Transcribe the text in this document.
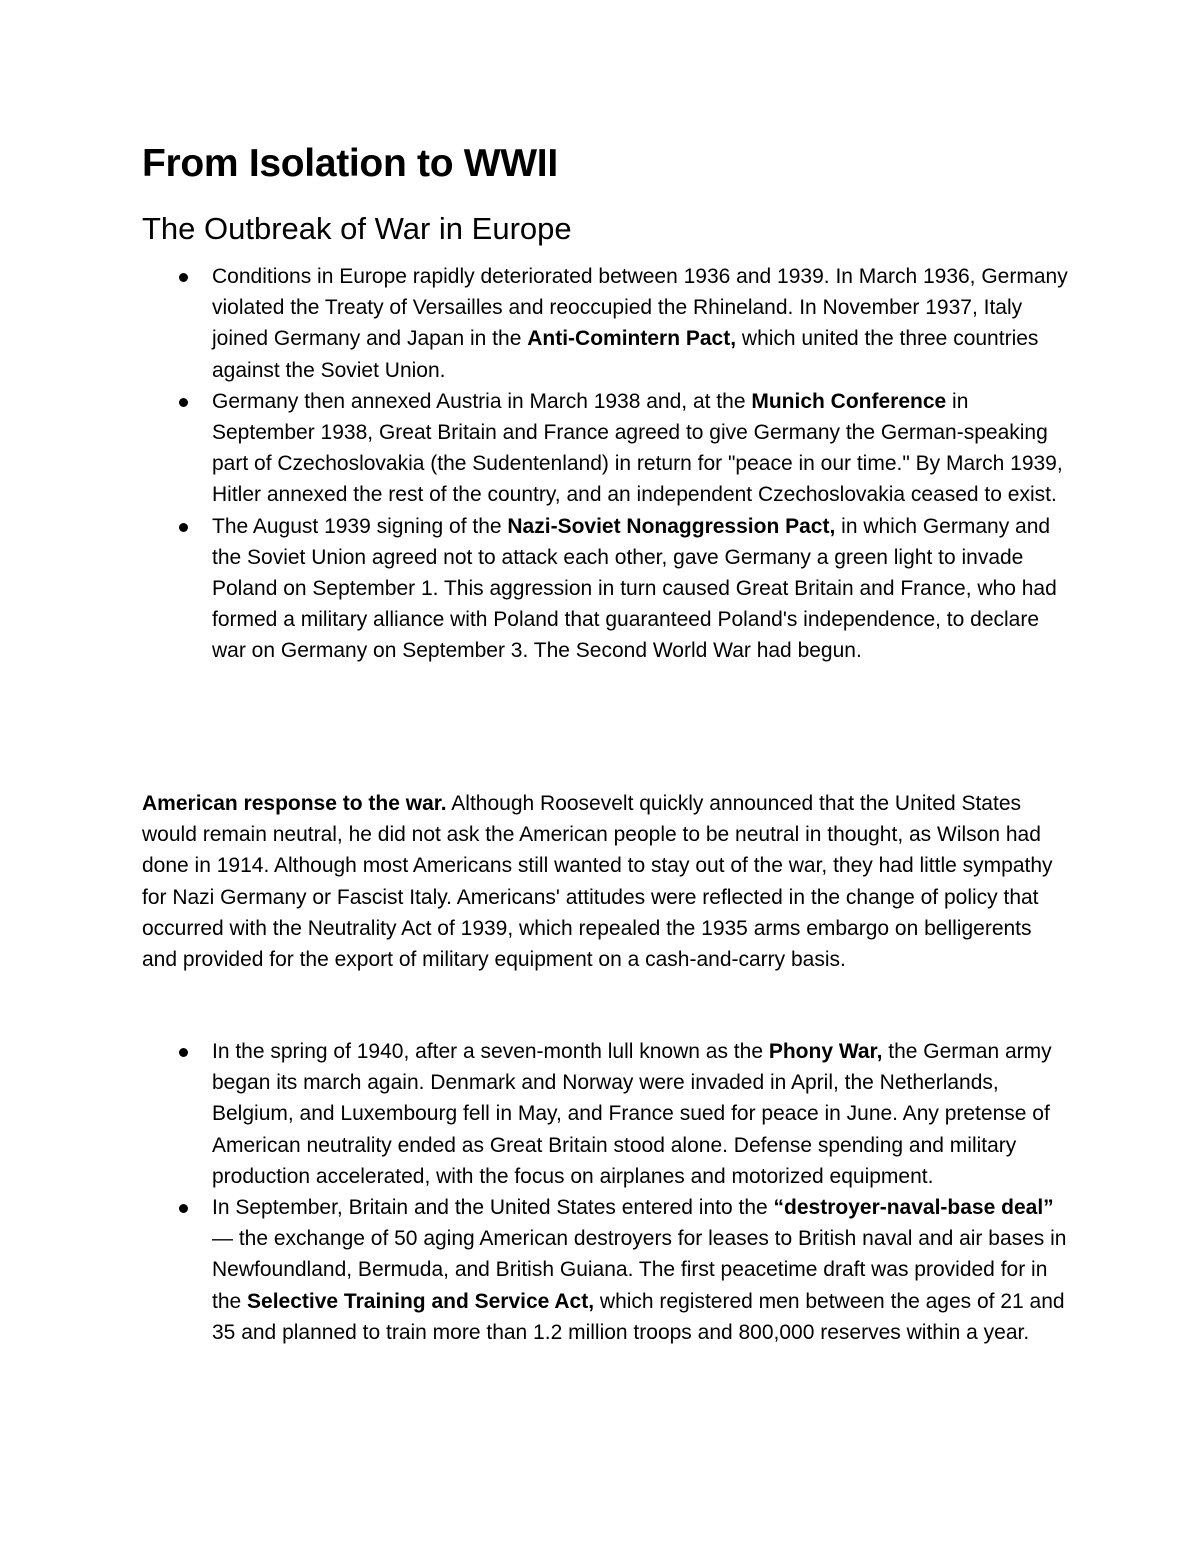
From Isolation to WWII
The Outbreak of War in Europe
Conditions in Europe rapidly deteriorated between 1936 and 1939. In March 1936, Germany violated the Treaty of Versailles and reoccupied the Rhineland. In November 1937, Italy joined Germany and Japan in the Anti-Comintern Pact, which united the three countries against the Soviet Union.
Germany then annexed Austria in March 1938 and, at the Munich Conference in September 1938, Great Britain and France agreed to give Germany the German-speaking part of Czechoslovakia (the Sudentenland) in return for "peace in our time." By March 1939, Hitler annexed the rest of the country, and an independent Czechoslovakia ceased to exist.
The August 1939 signing of the Nazi-Soviet Nonaggression Pact, in which Germany and the Soviet Union agreed not to attack each other, gave Germany a green light to invade Poland on September 1. This aggression in turn caused Great Britain and France, who had formed a military alliance with Poland that guaranteed Poland's independence, to declare war on Germany on September 3. The Second World War had begun.

American response to the war. Although Roosevelt quickly announced that the United States would remain neutral, he did not ask the American people to be neutral in thought, as Wilson had done in 1914. Although most Americans still wanted to stay out of the war, they had little sympathy for Nazi Germany or Fascist Italy. Americans' attitudes were reflected in the change of policy that occurred with the Neutrality Act of 1939, which repealed the 1935 arms embargo on belligerents and provided for the export of military equipment on a cash-and-carry basis.

In the spring of 1940, after a seven-month lull known as the Phony War, the German army began its march again. Denmark and Norway were invaded in April, the Netherlands, Belgium, and Luxembourg fell in May, and France sued for peace in June. Any pretense of American neutrality ended as Great Britain stood alone. Defense spending and military production accelerated, with the focus on airplanes and motorized equipment.
In September, Britain and the United States entered into the “destroyer-naval-base deal” — the exchange of 50 aging American destroyers for leases to British naval and air bases in Newfoundland, Bermuda, and British Guiana. The first peacetime draft was provided for in the Selective Training and Service Act, which registered men between the ages of 21 and 35 and planned to train more than 1.2 million troops and 800,000 reserves within a year.
